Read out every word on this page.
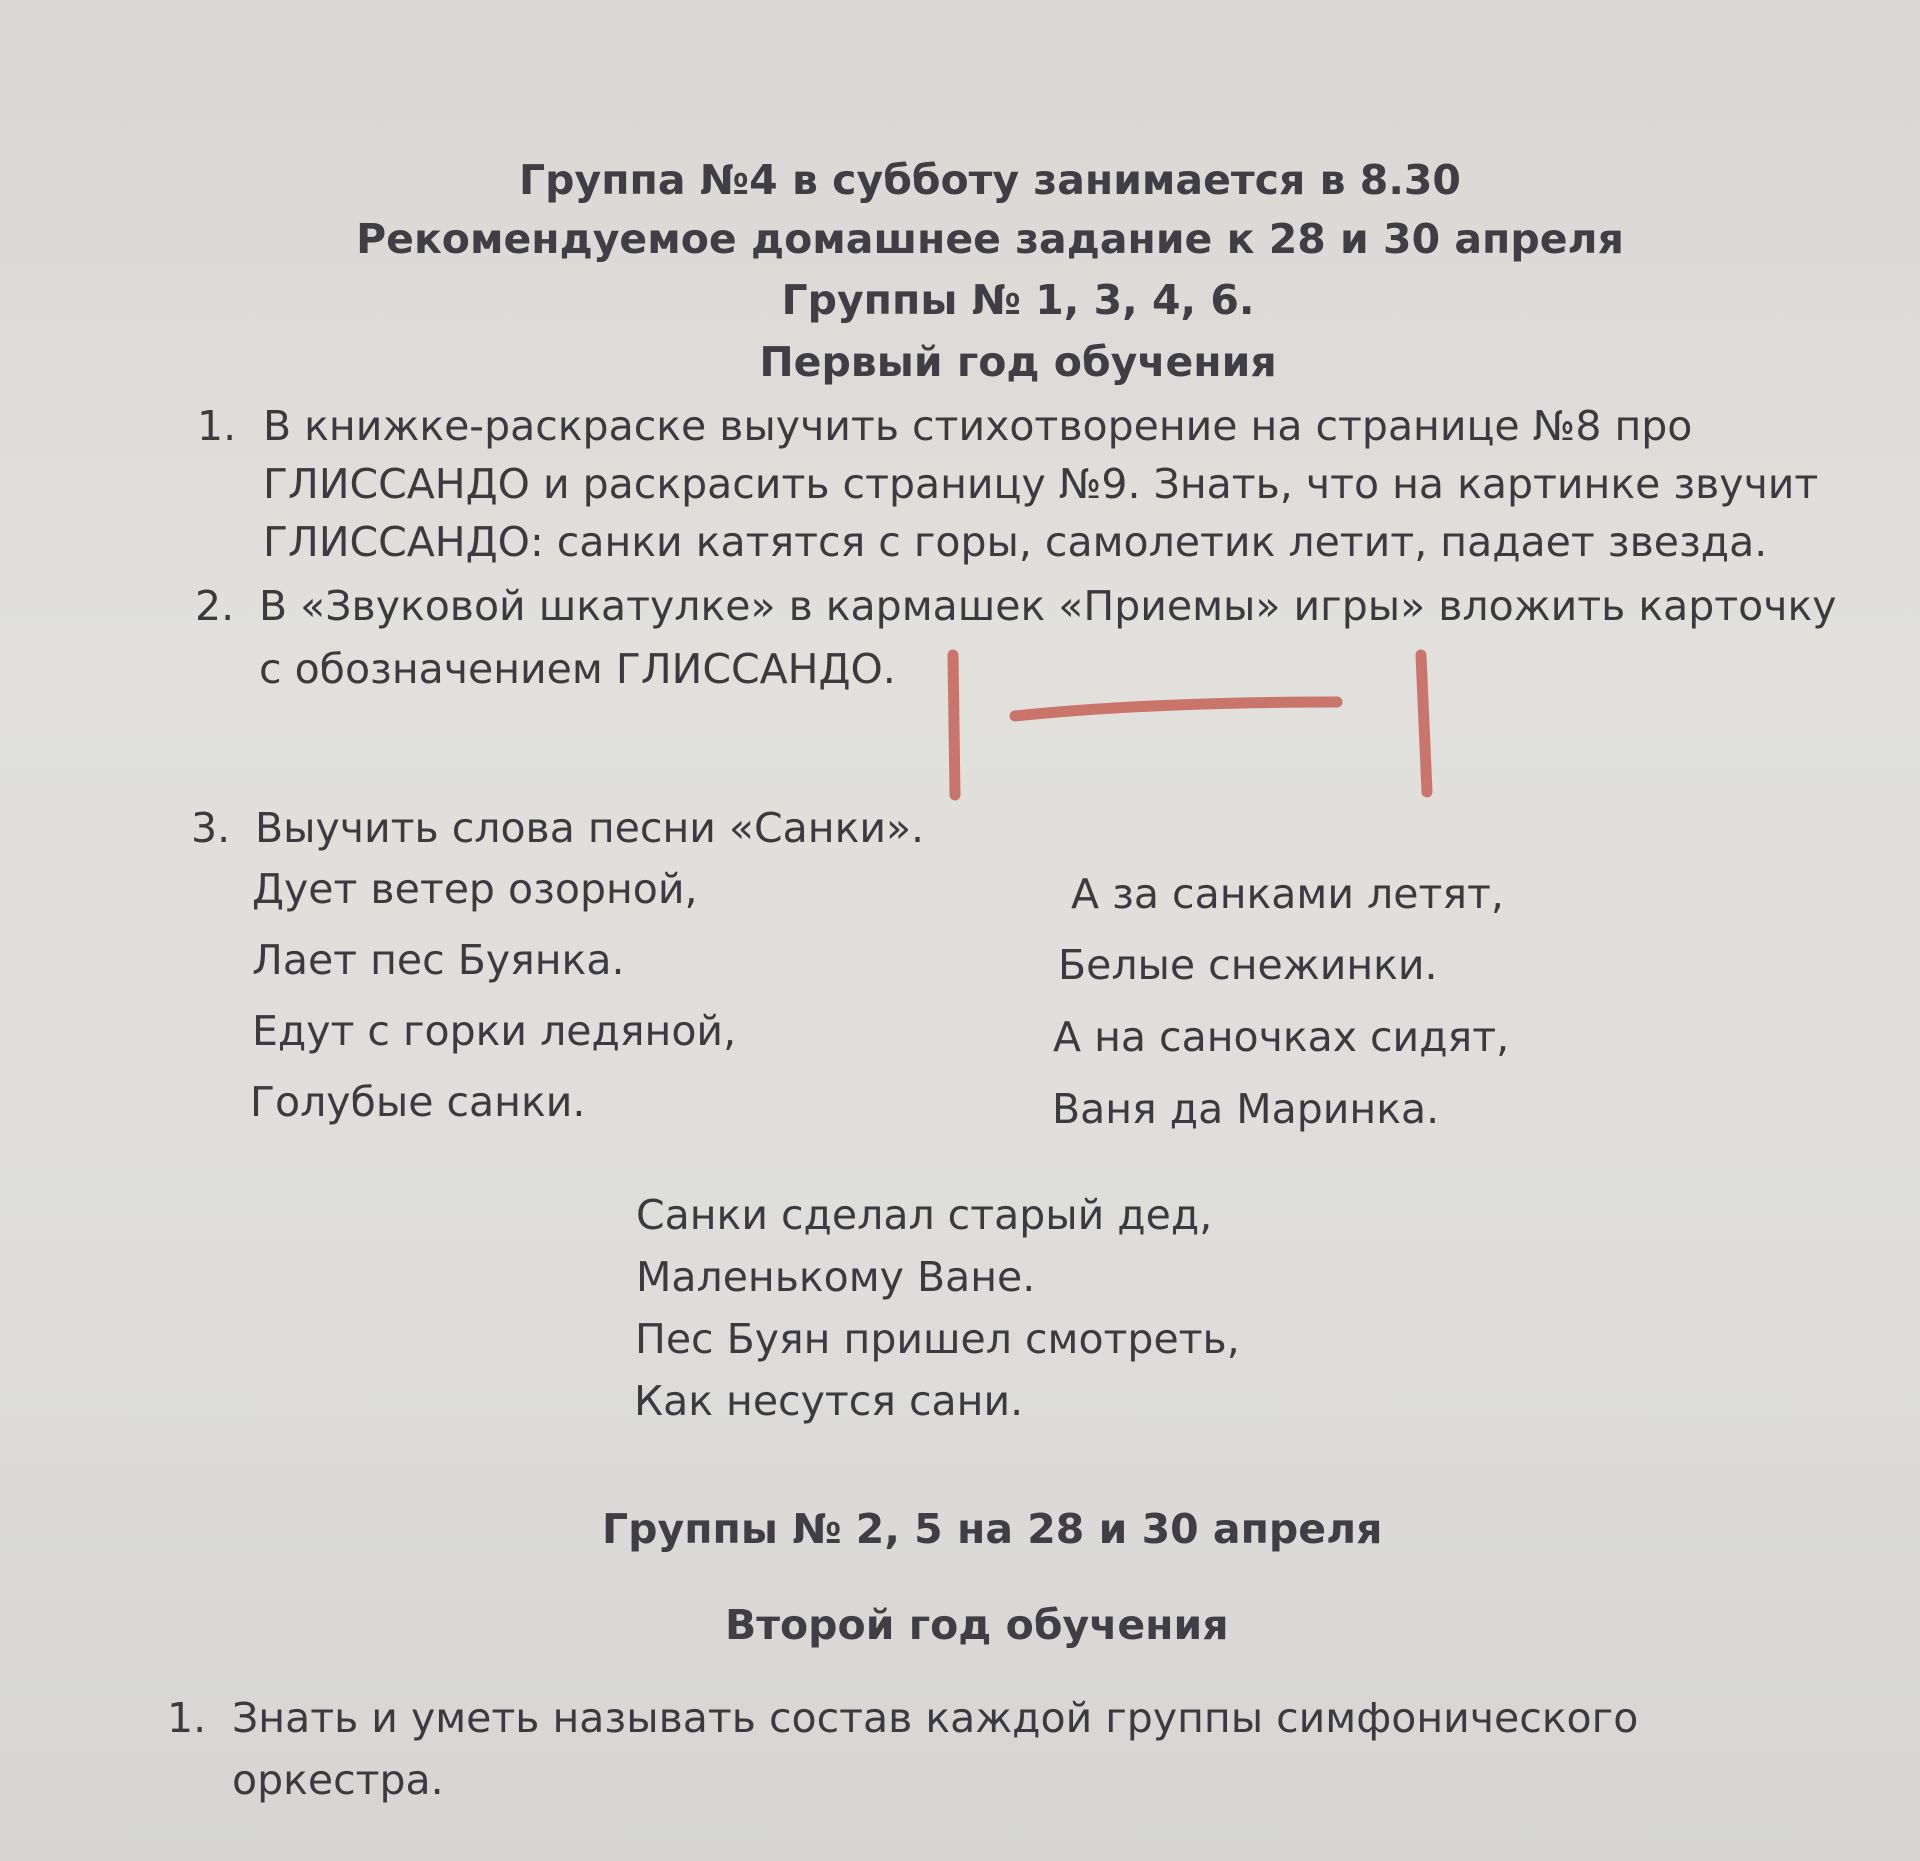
Группа №4 в субботу занимается в 8.30
Рекомендуемое домашнее задание к 28 и 30 апреля
Группы № 1, 3, 4, 6.
Первый год обучения
1. В книжке-раскраске выучить стихотворение на странице №8 про
ГЛИССАНДО и раскрасить страницу №9. Знать, что на картинке звучит
ГЛИССАНДО: санки катятся с горы, самолетик летит, падает звезда.
2. В «Звуковой шкатулке» в кармашек «Приемы» игры» вложить карточку
с обозначением ГЛИССАНДО.
3. Выучить слова песни «Санки».
Дует ветер озорной,
Лает пес Буянка.
Едут с горки ледяной,
Голубые санки.
А за санками летят,
Белые снежинки.
А на саночках сидят,
Ваня да Маринка.
Санки сделал старый дед,
Маленькому Ване.
Пес Буян пришел смотреть,
Как несутся сани.
Группы № 2, 5 на 28 и 30 апреля
Второй год обучения
1. Знать и уметь называть состав каждой группы симфонического
оркестра.
